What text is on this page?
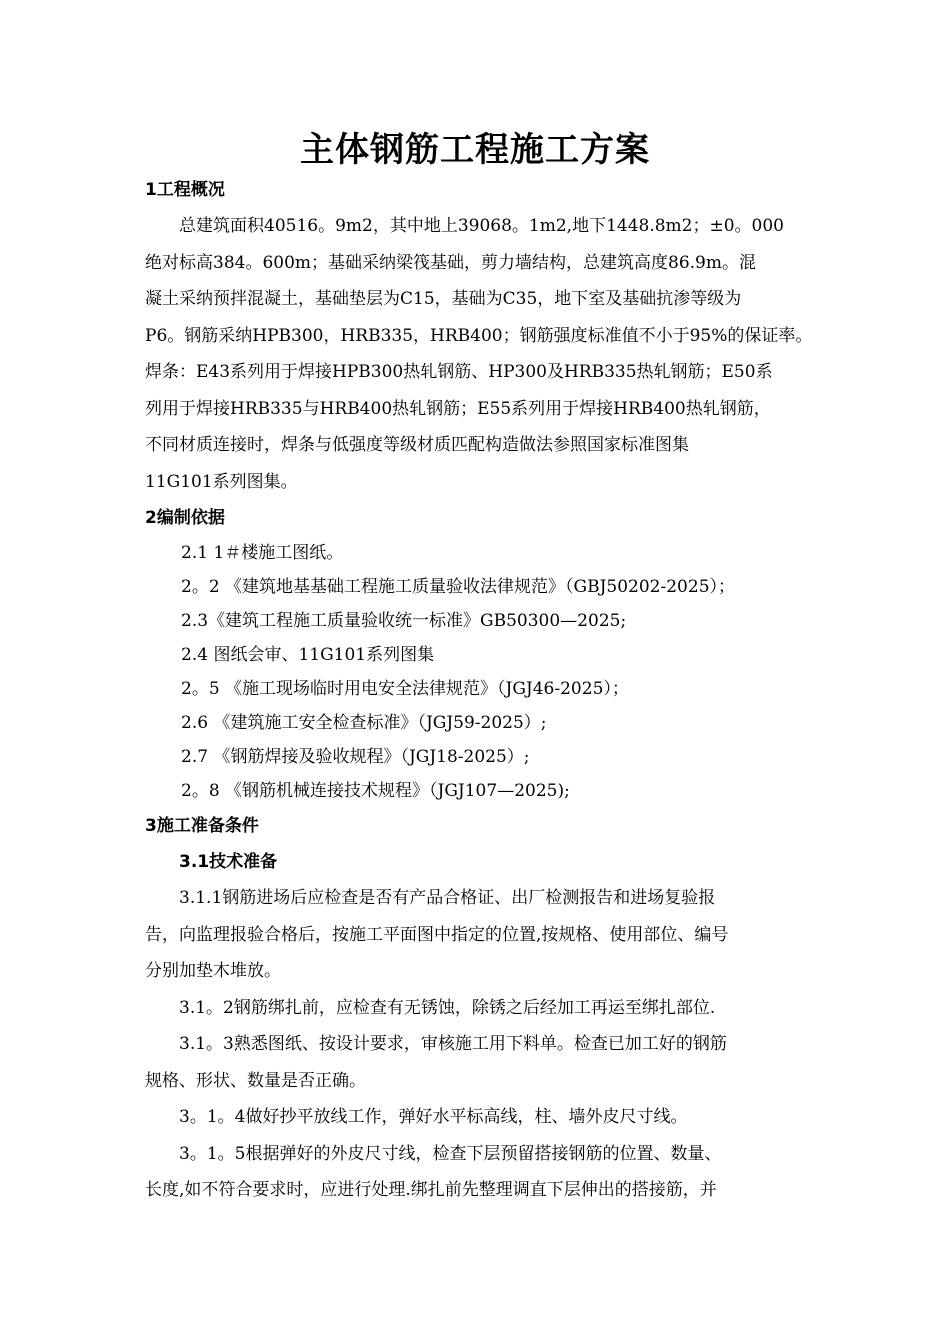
主体钢筋工程施工方案
1工程概况
总建筑面积40516。9m2，其中地上39068。1m2,地下1448.8m2；±0。000
绝对标高384。600m；基础采纳梁筏基础，剪力墙结构，总建筑高度86.9m。混
凝土采纳预拌混凝土，基础垫层为C15，基础为C35，地下室及基础抗渗等级为
P6。钢筋采纳HPB300，HRB335，HRB400；钢筋强度标准值不小于95%的保证率。
焊条：E43系列用于焊接HPB300热轧钢筋、HP300及HRB335热轧钢筋；E50系
列用于焊接HRB335与HRB400热轧钢筋；E55系列用于焊接HRB400热轧钢筋，
不同材质连接时，焊条与低强度等级材质匹配构造做法参照国家标准图集
11G101系列图集。
2编制依据
2.1 1＃楼施工图纸。
2。2 《建筑地基基础工程施工质量验收法律规范》（GBJ50202-2025）；
2.3《建筑工程施工质量验收统一标准》GB50300—2025;
2.4 图纸会审、11G101系列图集
2。5 《施工现场临时用电安全法律规范》（JGJ46-2025）；
2.6 《建筑施工安全检查标准》（JGJ59-2025）;
2.7 《钢筋焊接及验收规程》（JGJ18-2025）;
2。8 《钢筋机械连接技术规程》（JGJ107—2025);
3施工准备条件
3.1技术准备
3.1.1钢筋进场后应检查是否有产品合格证、出厂检测报告和进场复验报
告，向监理报验合格后，按施工平面图中指定的位置,按规格、使用部位、编号
分别加垫木堆放。
3.1。2钢筋绑扎前，应检查有无锈蚀，除锈之后经加工再运至绑扎部位.
3.1。3熟悉图纸、按设计要求，审核施工用下料单。检查已加工好的钢筋
规格、形状、数量是否正确。
3。1。4做好抄平放线工作，弹好水平标高线，柱、墙外皮尺寸线。
3。1。5根据弹好的外皮尺寸线，检查下层预留搭接钢筋的位置、数量、
长度,如不符合要求时，应进行处理.绑扎前先整理调直下层伸出的搭接筋，并
